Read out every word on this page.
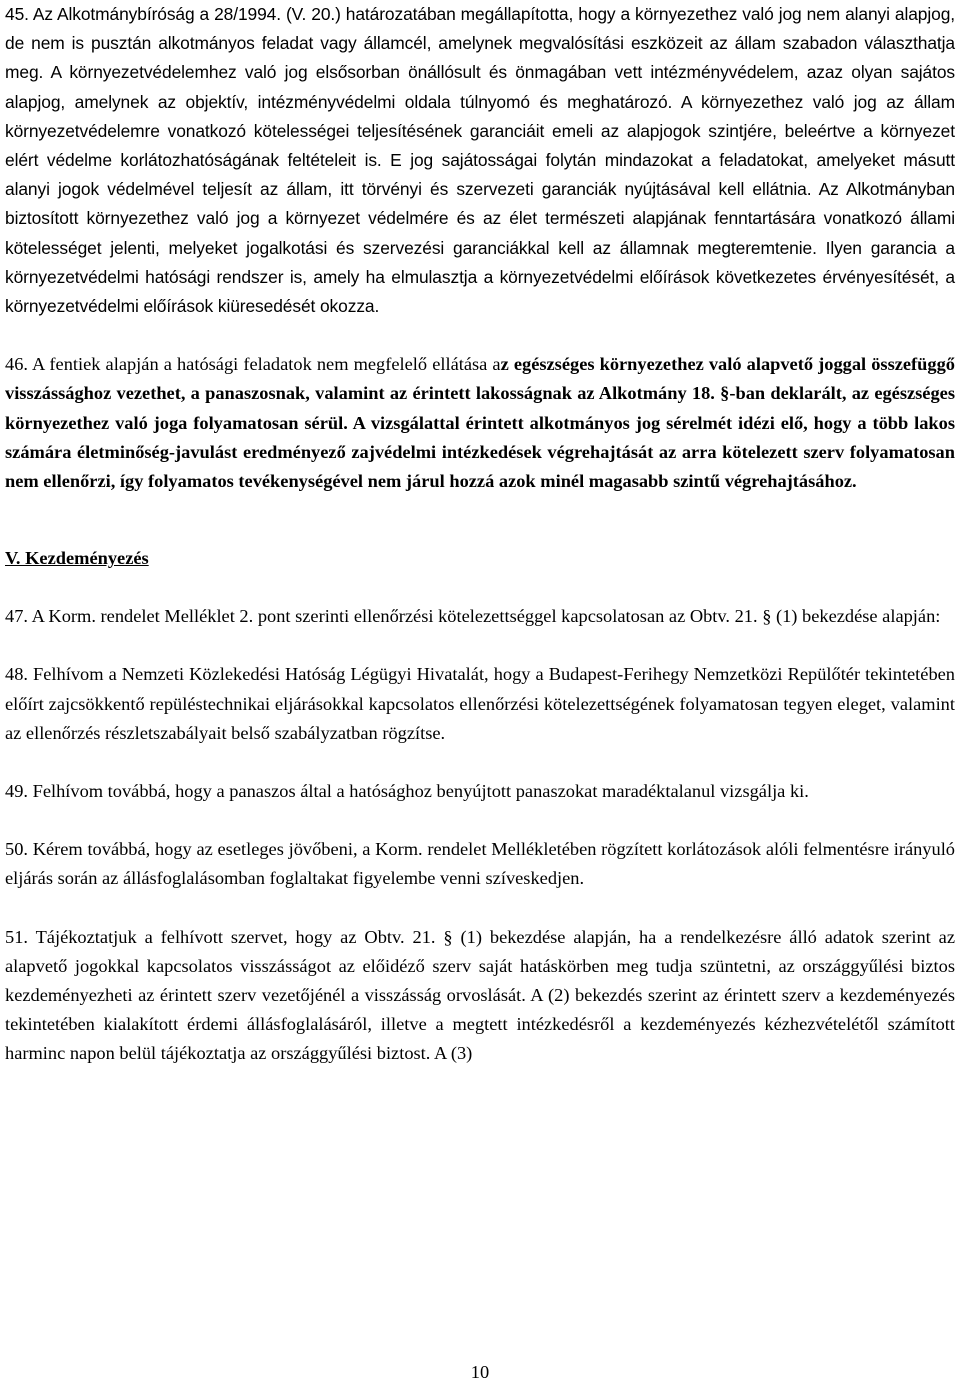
45. Az Alkotmánybíróság a 28/1994. (V. 20.) határozatában megállapította, hogy a környezethez való jog nem alanyi alapjog, de nem is pusztán alkotmányos feladat vagy államcél, amelynek megvalósítási eszközeit az állam szabadon választhatja meg. A környezetvédelemhez való jog elsősorban önállósult és önmagában vett intézményvédelem, azaz olyan sajátos alapjog, amelynek az objektív, intézményvédelmi oldala túlnyomó és meghatározó. A környezethez való jog az állam környezetvédelemre vonatkozó kötelességei teljesítésének garanciáit emeli az alapjogok szintjére, beleértve a környezet elért védelme korlátozhatóságának feltételeit is. E jog sajátosságai folytán mindazokat a feladatokat, amelyeket másutt alanyi jogok védelmével teljesít az állam, itt törvényi és szervezeti garanciák nyújtásával kell ellátnia. Az Alkotmányban biztosított környezethez való jog a környezet védelmére és az élet természeti alapjának fenntartására vonatkozó állami kötelességet jelenti, melyeket jogalkotási és szervezési garanciákkal kell az államnak megteremtenie. Ilyen garancia a környezetvédelmi hatósági rendszer is, amely ha elmulasztja a környezetvédelmi előírások következetes érvényesítését, a környezetvédelmi előírások kiüresedését okozza.

46. A fentiek alapján a hatósági feladatok nem megfelelő ellátása az egészséges környezethez való alapvető joggal összefüggő visszássághoz vezethet, a panaszosnak, valamint az érintett lakosságnak az Alkotmány 18. §-ban deklarált, az egészséges környezethez való joga folyamatosan sérül. A vizsgálattal érintett alkotmányos jog sérelmét idézi elő, hogy a több lakos számára életminőség-javulást eredményező zajvédelmi intézkedések végrehajtását az arra kötelezett szerv folyamatosan nem ellenőrzi, így folyamatos tevékenységével nem járul hozzá azok minél magasabb szintű végrehajtásához.

V. Kezdeményezés

47. A Korm. rendelet Melléklet 2. pont szerinti ellenőrzési kötelezettséggel kapcsolatosan az Obtv. 21. § (1) bekezdése alapján:

48. Felhívom a Nemzeti Közlekedési Hatóság Légügyi Hivatalát, hogy a Budapest-Ferihegy Nemzetközi Repülőtér tekintetében előírt zajcsökkentő repüléstechnikai eljárásokkal kapcsolatos ellenőrzési kötelezettségének folyamatosan tegyen eleget, valamint az ellenőrzés részletszabályait belső szabályzatban rögzítse.

49. Felhívom továbbá, hogy a panaszos által a hatósághoz benyújtott panaszokat maradéktalanul vizsgálja ki.

50. Kérem továbbá, hogy az esetleges jövőbeni, a Korm. rendelet Mellékletében rögzített korlátozások alóli felmentésre irányuló eljárás során az állásfoglalásomban foglaltakat figyelembe venni szíveskedjen.

51. Tájékoztatjuk a felhívott szervet, hogy az Obtv. 21. § (1) bekezdése alapján, ha a rendelkezésre álló adatok szerint az alapvető jogokkal kapcsolatos visszásságot az előidéző szerv saját hatáskörben meg tudja szüntetni, az országgyűlési biztos kezdeményezheti az érintett szerv vezetőjénél a visszásság orvoslását. A (2) bekezdés szerint az érintett szerv a kezdeményezés tekintetében kialakított érdemi állásfoglalásáról, illetve a megtett intézkedésről a kezdeményezés kézhezvételétől számított harminc napon belül tájékoztatja az országgyűlési biztost. A (3)

10
